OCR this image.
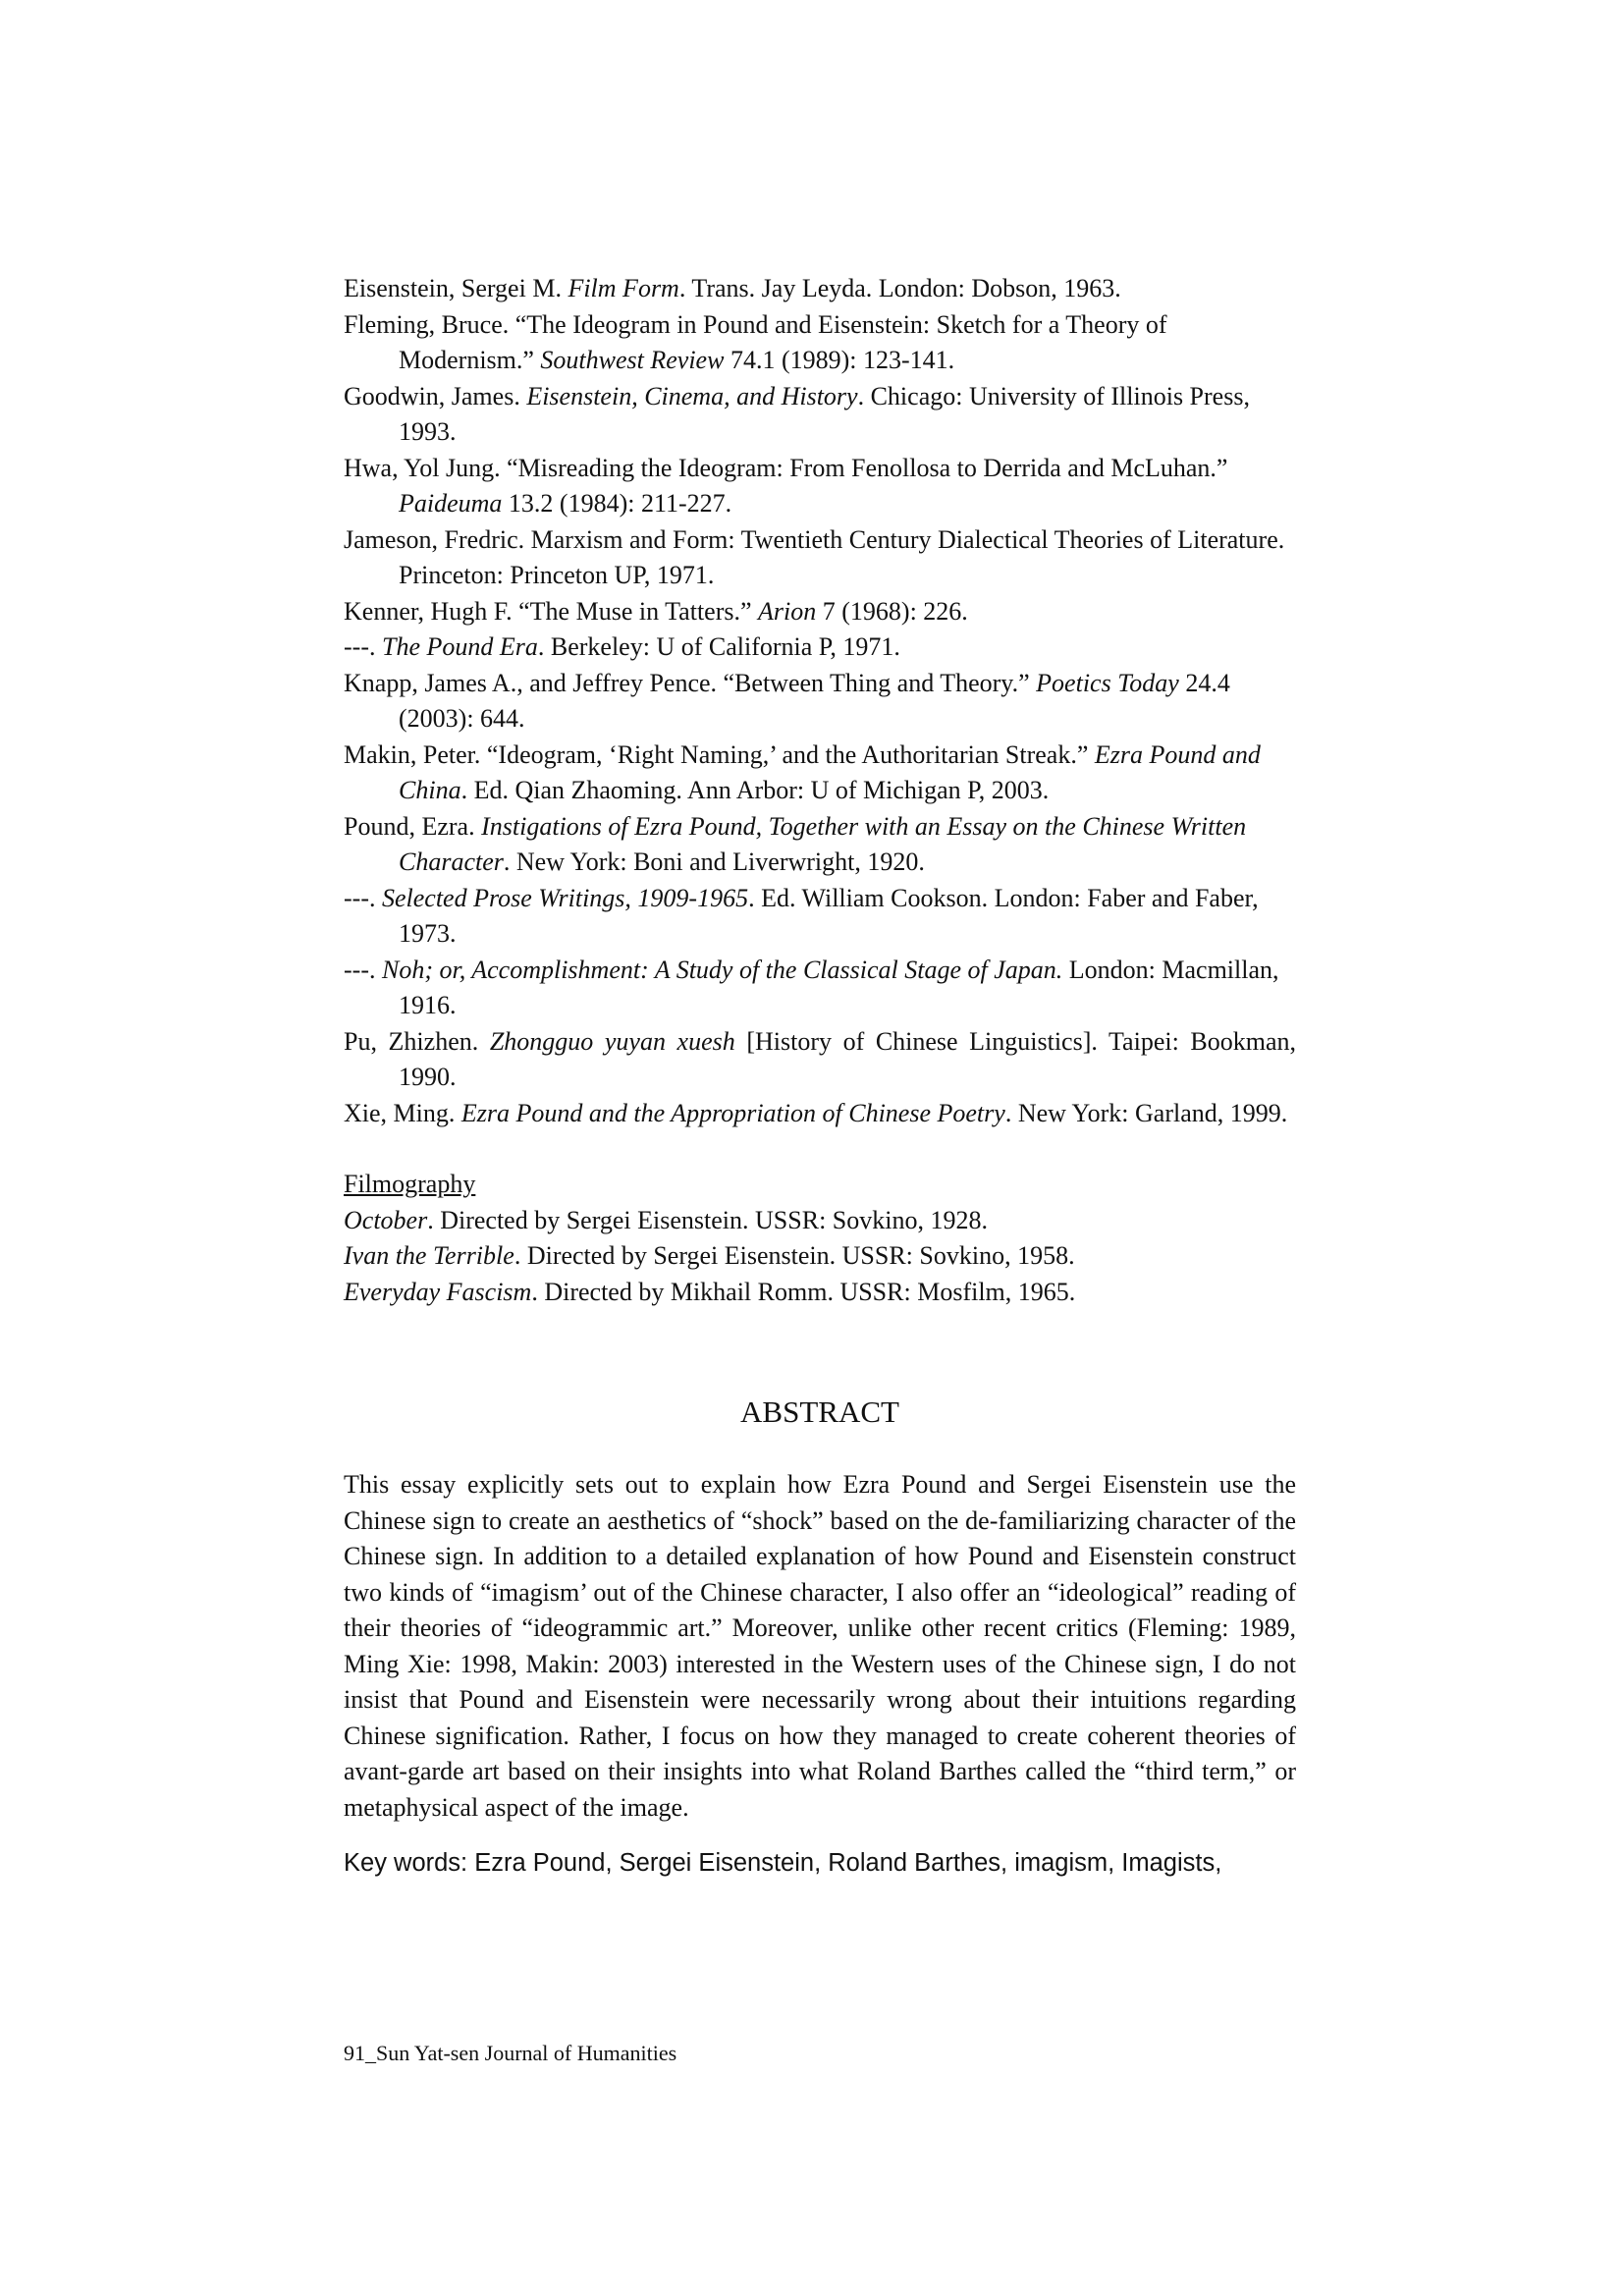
Eisenstein, Sergei M. Film Form. Trans. Jay Leyda. London: Dobson, 1963.

Fleming, Bruce. “The Ideogram in Pound and Eisenstein: Sketch for a Theory of Modernism.” Southwest Review 74.1 (1989): 123-141.

Goodwin, James. Eisenstein, Cinema, and History. Chicago: University of Illinois Press, 1993.

Hwa, Yol Jung. “Misreading the Ideogram: From Fenollosa to Derrida and McLuhan.” Paideuma 13.2 (1984): 211-227.

Jameson, Fredric. Marxism and Form: Twentieth Century Dialectical Theories of Literature. Princeton: Princeton UP, 1971.

Kenner, Hugh F. “The Muse in Tatters.” Arion 7 (1968): 226.

---. The Pound Era. Berkeley: U of California P, 1971.

Knapp, James A., and Jeffrey Pence. “Between Thing and Theory.” Poetics Today 24.4 (2003): 644.

Makin, Peter. “Ideogram, ‘Right Naming,’ and the Authoritarian Streak.” Ezra Pound and China. Ed. Qian Zhaoming. Ann Arbor: U of Michigan P, 2003.

Pound, Ezra. Instigations of Ezra Pound, Together with an Essay on the Chinese Written Character. New York: Boni and Liverwright, 1920.

---. Selected Prose Writings, 1909-1965. Ed. William Cookson. London: Faber and Faber, 1973.

---. Noh; or, Accomplishment: A Study of the Classical Stage of Japan. London: Macmillan, 1916.

Pu, Zhizhen. Zhongguo yuyan xuesh [History of Chinese Linguistics]. Taipei: Bookman, 1990.

Xie, Ming. Ezra Pound and the Appropriation of Chinese Poetry. New York: Garland, 1999.

Filmography

October. Directed by Sergei Eisenstein. USSR: Sovkino, 1928.

Ivan the Terrible. Directed by Sergei Eisenstein. USSR: Sovkino, 1958.

Everyday Fascism. Directed by Mikhail Romm. USSR: Mosfilm, 1965.

ABSTRACT
This essay explicitly sets out to explain how Ezra Pound and Sergei Eisenstein use the Chinese sign to create an aesthetics of “shock” based on the de-familiarizing character of the Chinese sign. In addition to a detailed explanation of how Pound and Eisenstein construct two kinds of “imagism’ out of the Chinese character, I also offer an “ideological” reading of their theories of “ideogrammic art.” Moreover, unlike other recent critics (Fleming: 1989, Ming Xie: 1998, Makin: 2003) interested in the Western uses of the Chinese sign, I do not insist that Pound and Eisenstein were necessarily wrong about their intuitions regarding Chinese signification. Rather, I focus on how they managed to create coherent theories of avant-garde art based on their insights into what Roland Barthes called the “third term,” or metaphysical aspect of the image.
Key words: Ezra Pound, Sergei Eisenstein, Roland Barthes, imagism, Imagists,
91_Sun Yat-sen Journal of Humanities
